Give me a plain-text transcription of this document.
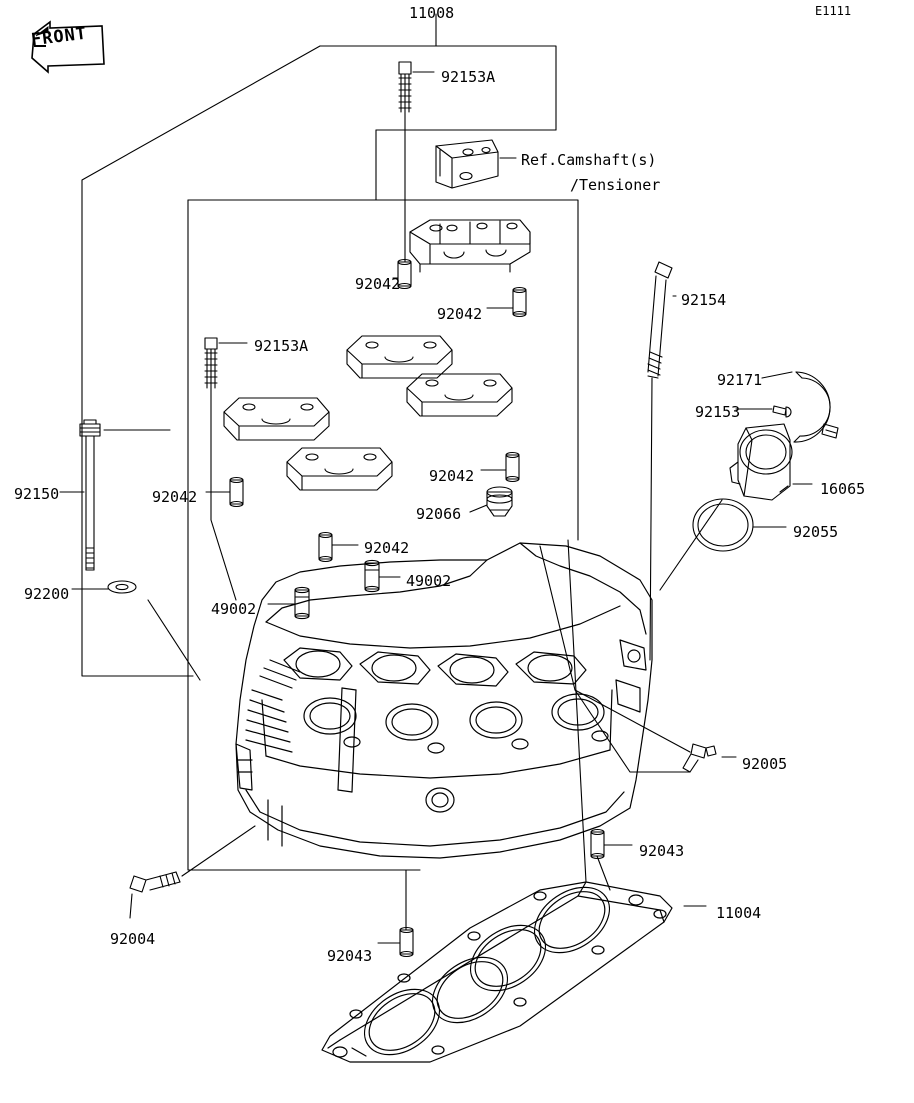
FRONT
E1111
11008
92153A
Ref.Camshaft(s)
/Tensioner
92042
92042
92154
92153A
92171
92153
92042
16065
92150	92042
92066
92055
92042
49002
92200
49002
92005
92043
11004
92004
92043
